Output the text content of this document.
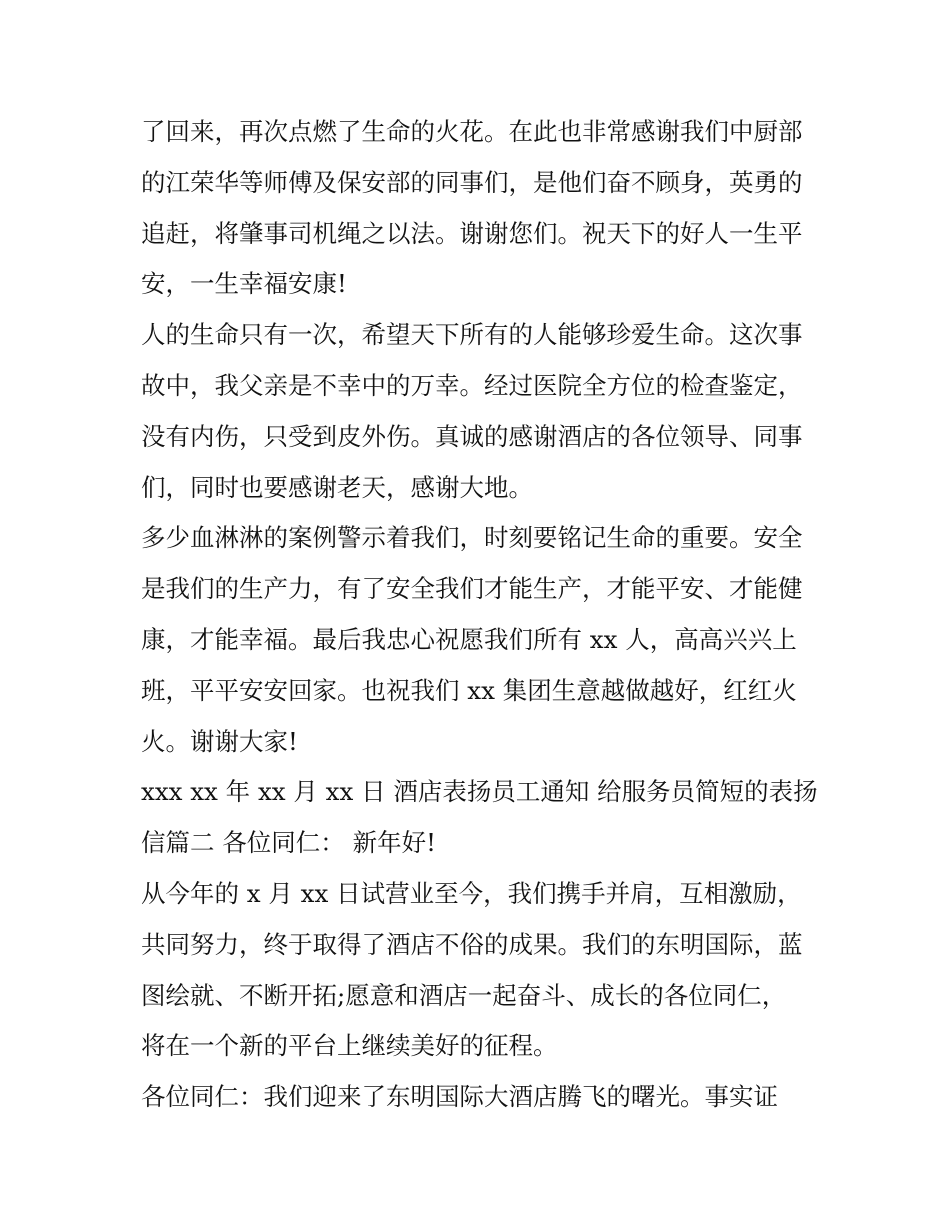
了回来，再次点燃了生命的火花。在此也非常感谢我们中厨部
的江荣华等师傅及保安部的同事们，是他们奋不顾身，英勇的
追赶，将肇事司机绳之以法。谢谢您们。祝天下的好人一生平
安，一生幸福安康!
人的生命只有一次，希望天下所有的人能够珍爱生命。这次事
故中，我父亲是不幸中的万幸。经过医院全方位的检查鉴定，
没有内伤，只受到皮外伤。真诚的感谢酒店的各位领导、同事
们，同时也要感谢老天，感谢大地。
多少血淋淋的案例警示着我们，时刻要铭记生命的重要。安全
是我们的生产力，有了安全我们才能生产，才能平安、才能健
康，才能幸福。最后我忠心祝愿我们所有 xx 人，高高兴兴上
班，平平安安回家。也祝我们 xx 集团生意越做越好，红红火
火。谢谢大家!
xxx xx 年 xx 月 xx 日 酒店表扬员工通知 给服务员简短的表扬
信篇二 各位同仁： 新年好!
从今年的 x 月 xx 日试营业至今，我们携手并肩，互相激励，
共同努力，终于取得了酒店不俗的成果。我们的东明国际，蓝
图绘就、不断开拓;愿意和酒店一起奋斗、成长的各位同仁，
将在一个新的平台上继续美好的征程。
各位同仁：我们迎来了东明国际大酒店腾飞的曙光。事实证
